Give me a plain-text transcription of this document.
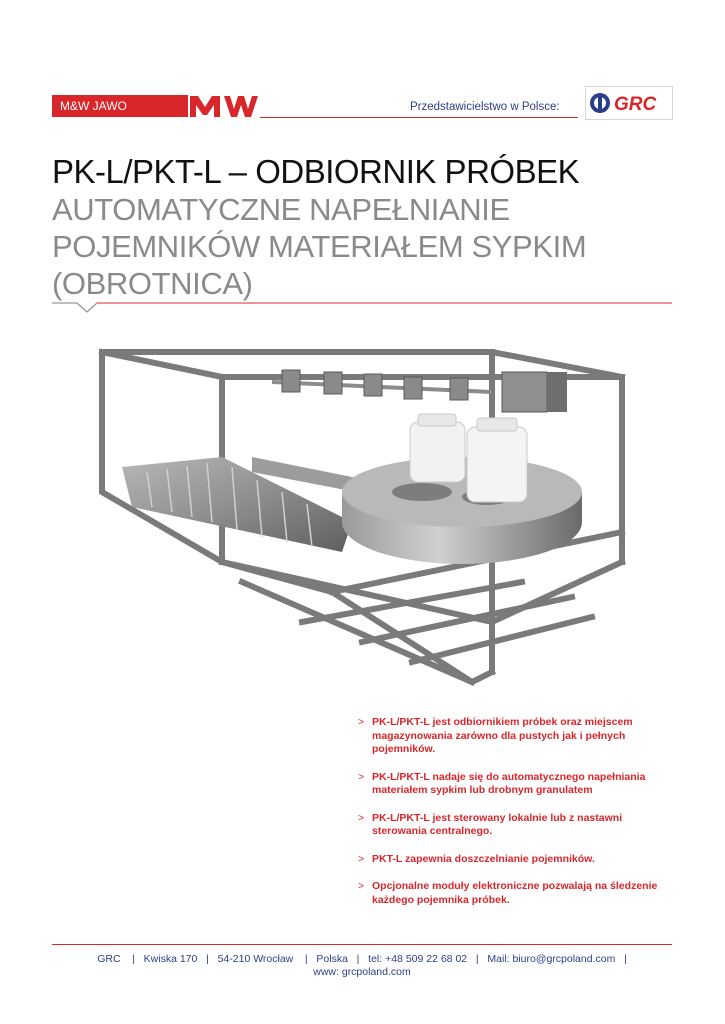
M&W JAWO	Przedstawicielstwo w Polsce:	GRC
PK-L/PKT-L – ODBIORNIK PRÓBEK
AUTOMATYCZNE NAPEŁNIANIE
POJEMNIKÓW MATERIAŁEM SYPKIM
(OBROTNICA)
> PK-L/PKT-L jest odbiornikiem próbek oraz miejscem magazynowania zarówno dla pustych jak i pełnych pojemników.
> PK-L/PKT-L nadaje się do automatycznego napełniania materiałem sypkim lub drobnym granulatem
> PK-L/PKT-L jest sterowany lokalnie lub z nastawni sterowania centralnego.
> PKT-L zapewnia doszczelnianie pojemników.
> Opcjonalne moduły elektroniczne pozwalają na śledzenie każdego pojemnika próbek.
GRC    |   Kwiska 170   |   54-210 Wrocław    |   Polska   |   tel: +48 509 22 68 02   |   Mail: biuro@grcpoland.com   |
www: grcpoland.com
